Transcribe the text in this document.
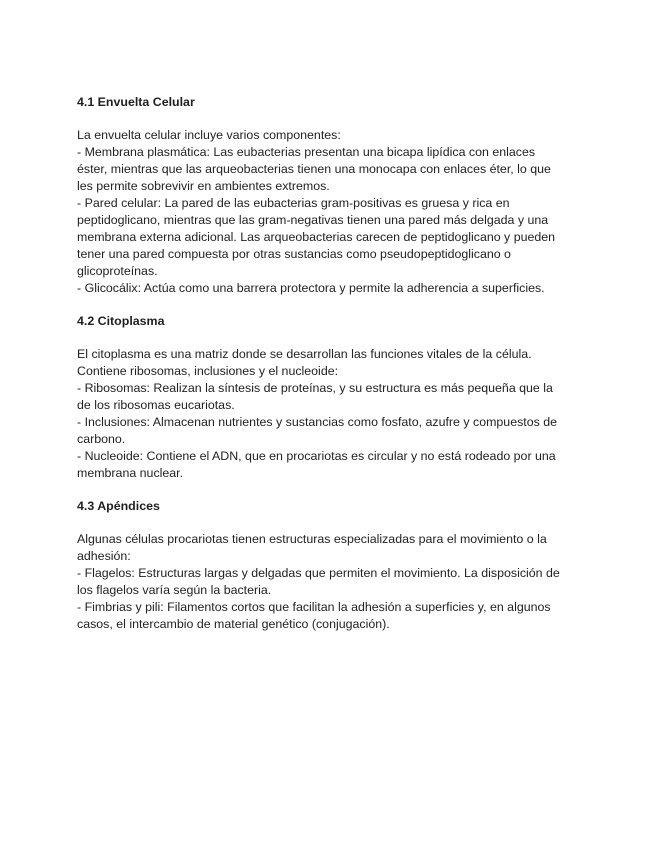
4.1 Envuelta Celular

La envuelta celular incluye varios componentes:
- Membrana plasmática: Las eubacterias presentan una bicapa lipídica con enlaces
éster, mientras que las arqueobacterias tienen una monocapa con enlaces éter, lo que
les permite sobrevivir en ambientes extremos.
- Pared celular: La pared de las eubacterias gram-positivas es gruesa y rica en
peptidoglicano, mientras que las gram-negativas tienen una pared más delgada y una
membrana externa adicional. Las arqueobacterias carecen de peptidoglicano y pueden
tener una pared compuesta por otras sustancias como pseudopeptidoglicano o
glicoproteínas.
- Glicocálix: Actúa como una barrera protectora y permite la adherencia a superficies.

4.2 Citoplasma

El citoplasma es una matriz donde se desarrollan las funciones vitales de la célula.
Contiene ribosomas, inclusiones y el nucleoide:
- Ribosomas: Realizan la síntesis de proteínas, y su estructura es más pequeña que la
de los ribosomas eucariotas.
- Inclusiones: Almacenan nutrientes y sustancias como fosfato, azufre y compuestos de
carbono.
- Nucleoide: Contiene el ADN, que en procariotas es circular y no está rodeado por una
membrana nuclear.

4.3 Apéndices

Algunas células procariotas tienen estructuras especializadas para el movimiento o la
adhesión:
- Flagelos: Estructuras largas y delgadas que permiten el movimiento. La disposición de
los flagelos varía según la bacteria.
- Fimbrias y pili: Filamentos cortos que facilitan la adhesión a superficies y, en algunos
casos, el intercambio de material genético (conjugación).
